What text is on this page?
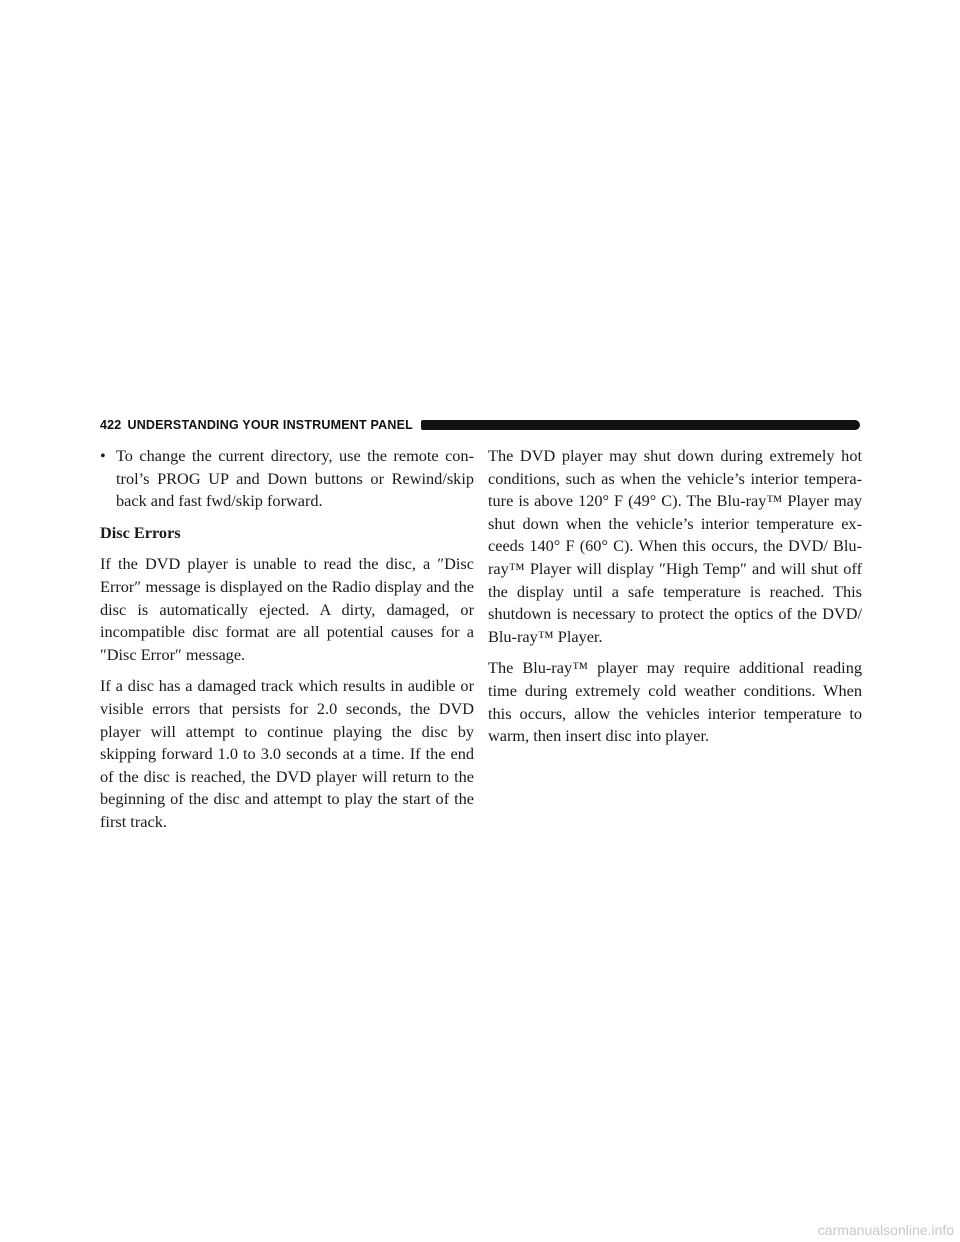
422 UNDERSTANDING YOUR INSTRUMENT PANEL
• To change the current directory, use the remote con-trol’s PROG UP and Down buttons or Rewind/skip back and fast fwd/skip forward.
Disc Errors

If the DVD player is unable to read the disc, a ″Disc Error″ message is displayed on the Radio display and the disc is automatically ejected. A dirty, damaged, or incompatible disc format are all potential causes for a ″Disc Error″ message.

If a disc has a damaged track which results in audible or visible errors that persists for 2.0 seconds, the DVD player will attempt to continue playing the disc by skipping forward 1.0 to 3.0 seconds at a time. If the end of the disc is reached, the DVD player will return to the beginning of the disc and attempt to play the start of the first track.

The DVD player may shut down during extremely hot conditions, such as when the vehicle’s interior tempera-ture is above 120° F (49° C). The Blu-ray™ Player may shut down when the vehicle’s interior temperature ex-ceeds 140° F (60° C). When this occurs, the DVD/ Blu-ray™ Player will display ″High Temp″ and will shut off the display until a safe temperature is reached. This shutdown is necessary to protect the optics of the DVD/ Blu-ray™ Player.

The Blu-ray™ player may require additional reading time during extremely cold weather conditions. When this occurs, allow the vehicles interior temperature to warm, then insert disc into player.

carmanualsonline.info
